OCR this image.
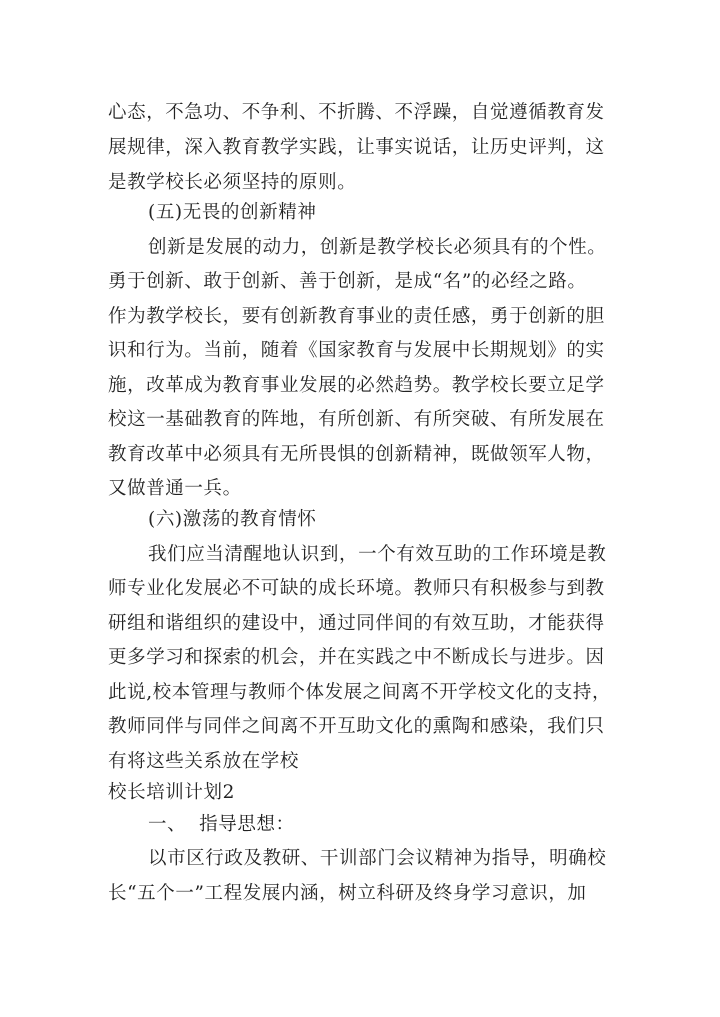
心态，不急功、不争利、不折腾、不浮躁，自觉遵循教育发
展规律，深入教育教学实践，让事实说话，让历史评判，这
是教学校长必须坚持的原则。
(五)无畏的创新精神
创新是发展的动力，创新是教学校长必须具有的个性。
勇于创新、敢于创新、善于创新，是成“名”的必经之路。
作为教学校长，要有创新教育事业的责任感，勇于创新的胆
识和行为。当前，随着《国家教育与发展中长期规划》的实
施，改革成为教育事业发展的必然趋势。教学校长要立足学
校这一基础教育的阵地，有所创新、有所突破、有所发展在
教育改革中必须具有无所畏惧的创新精神，既做领军人物，
又做普通一兵。
(六)激荡的教育情怀
我们应当清醒地认识到，一个有效互助的工作环境是教
师专业化发展必不可缺的成长环境。教师只有积极参与到教
研组和谐组织的建设中，通过同伴间的有效互助，才能获得
更多学习和探索的机会，并在实践之中不断成长与进步。因
此说,校本管理与教师个体发展之间离不开学校文化的支持，
教师同伴与同伴之间离不开互助文化的熏陶和感染，我们只
有将这些关系放在学校
校长培训计划2
一、  指导思想：
以市区行政及教研、干训部门会议精神为指导，明确校
长“五个一”工程发展内涵，树立科研及终身学习意识，加
